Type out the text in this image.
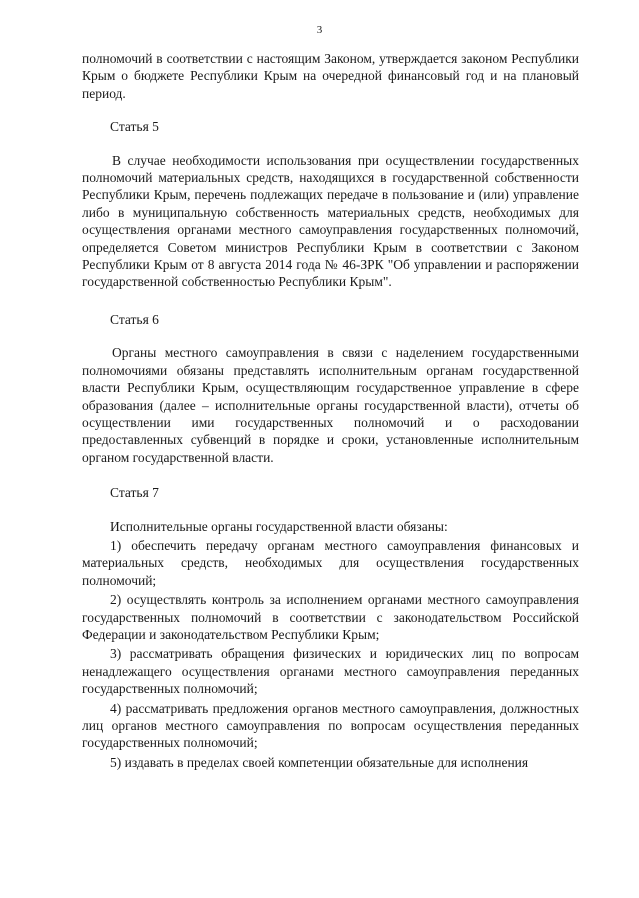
3

полномочий в соответствии с настоящим Законом, утверждается законом Республики Крым о бюджете Республики Крым на очередной финансовый год и на плановый период.

Статья 5

В случае необходимости использования при осуществлении государственных полномочий материальных средств, находящихся в государственной собственности Республики Крым, перечень подлежащих передаче в пользование и (или) управление либо в муниципальную собственность материальных средств, необходимых для осуществления органами местного самоуправления государственных полномочий, определяется Советом министров Республики Крым в соответствии с Законом Республики Крым от 8 августа 2014 года № 46-ЗРК "Об управлении и распоряжении государственной собственностью Республики Крым".

Статья 6

Органы местного самоуправления в связи с наделением государственными полномочиями обязаны представлять исполнительным органам государственной власти Республики Крым, осуществляющим государственное управление в сфере образования (далее – исполнительные органы государственной власти), отчеты об осуществлении ими государственных полномочий и о расходовании предоставленных субвенций в порядке и сроки, установленные исполнительным органом государственной власти.

Статья 7

Исполнительные органы государственной власти обязаны:

1) обеспечить передачу органам местного самоуправления финансовых и материальных средств, необходимых для осуществления государственных полномочий;

2) осуществлять контроль за исполнением органами местного самоуправления государственных полномочий в соответствии с законодательством Российской Федерации и законодательством Республики Крым;

3) рассматривать обращения физических и юридических лиц по вопросам ненадлежащего осуществления органами местного самоуправления переданных государственных полномочий;

4) рассматривать предложения органов местного самоуправления, должностных лиц органов местного самоуправления по вопросам осуществления переданных государственных полномочий;

5) издавать в пределах своей компетенции обязательные для исполнения
